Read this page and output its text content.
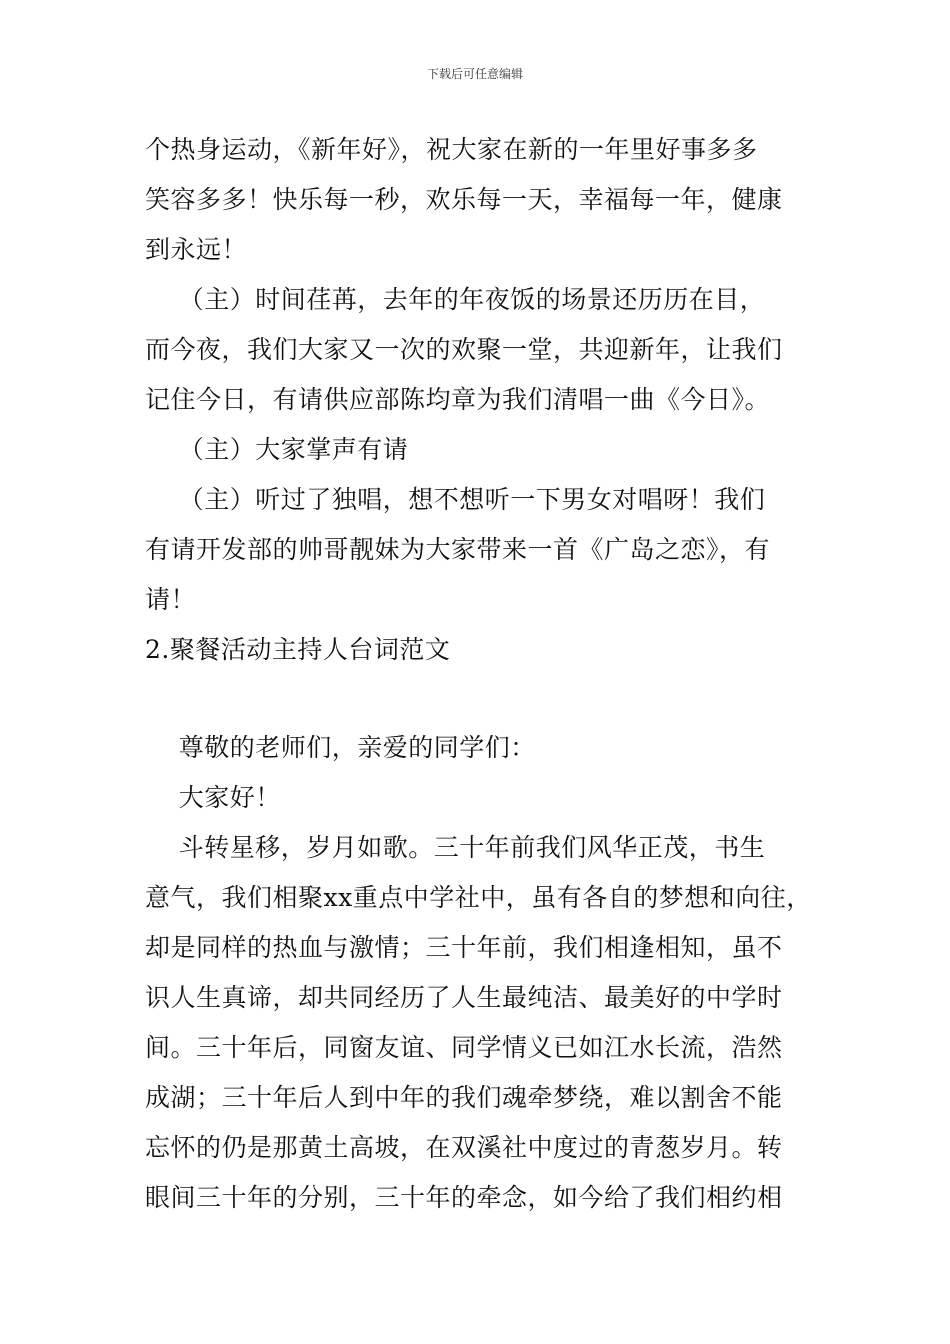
下载后可任意编辑
个热身运动，《新年好》，祝大家在新的一年里好事多多
笑容多多！快乐每一秒，欢乐每一天，幸福每一年，健康
到永远！
（主）时间荏苒，去年的年夜饭的场景还历历在目，
而今夜，我们大家又一次的欢聚一堂，共迎新年，让我们
记住今日，有请供应部陈均章为我们清唱一曲《今日》。
（主）大家掌声有请
（主）听过了独唱，想不想听一下男女对唱呀！我们
有请开发部的帅哥靓妹为大家带来一首《广岛之恋》，有
请！
2.聚餐活动主持人台词范文
尊敬的老师们，亲爱的同学们：
大家好！
斗转星移，岁月如歌。三十年前我们风华正茂，书生
意气，我们相聚xx重点中学社中，虽有各自的梦想和向往，
却是同样的热血与激情；三十年前，我们相逢相知，虽不
识人生真谛，却共同经历了人生最纯洁、最美好的中学时
间。三十年后，同窗友谊、同学情义已如江水长流，浩然
成湖；三十年后人到中年的我们魂牵梦绕，难以割舍不能
忘怀的仍是那黄土高坡，在双溪社中度过的青葱岁月。转
眼间三十年的分别，三十年的牵念，如今给了我们相约相
